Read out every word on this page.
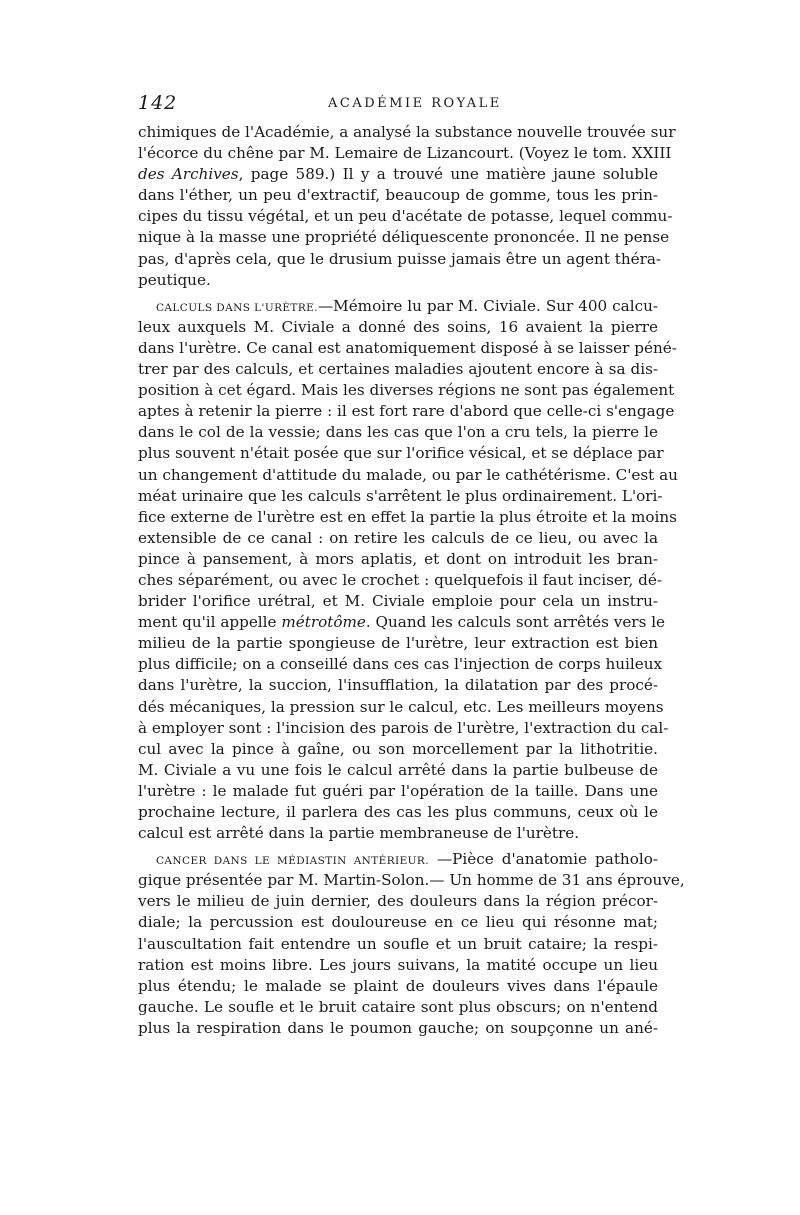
142	ACADÉMIE ROYALE
chimiques de l'Académie, a analysé la substance nouvelle trouvée sur
l'écorce du chêne par M. Lemaire de Lizancourt. (Voyez le tom. XXIII
des Archives, page 589.) Il y a trouvé une matière jaune soluble
dans l'éther, un peu d'extractif, beaucoup de gomme, tous les prin-
cipes du tissu végétal, et un peu d'acétate de potasse, lequel commu-
nique à la masse une propriété déliquescente prononcée. Il ne pense
pas, d'après cela, que le drusium puisse jamais être un agent théra-
peutique.
CALCULS DANS L'URÈTRE.—Mémoire lu par M. Civiale. Sur 400 calcu-
leux auxquels M. Civiale a donné des soins, 16 avaient la pierre
dans l'urètre. Ce canal est anatomiquement disposé à se laisser péné-
trer par des calculs, et certaines maladies ajoutent encore à sa dis-
position à cet égard. Mais les diverses régions ne sont pas également
aptes à retenir la pierre : il est fort rare d'abord que celle-ci s'engage
dans le col de la vessie; dans les cas que l'on a cru tels, la pierre le
plus souvent n'était posée que sur l'orifice vésical, et se déplace par
un changement d'attitude du malade, ou par le cathétérisme. C'est au
méat urinaire que les calculs s'arrêtent le plus ordinairement. L'ori-
fice externe de l'urètre est en effet la partie la plus étroite et la moins
extensible de ce canal : on retire les calculs de ce lieu, ou avec la
pince à pansement, à mors aplatis, et dont on introduit les bran-
ches séparément, ou avec le crochet : quelquefois il faut inciser, dé-
brider l'orifice urétral, et M. Civiale emploie pour cela un instru-
ment qu'il appelle métrotôme. Quand les calculs sont arrêtés vers le
milieu de la partie spongieuse de l'urètre, leur extraction est bien
plus difficile; on a conseillé dans ces cas l'injection de corps huileux
dans l'urètre, la succion, l'insufflation, la dilatation par des procé-
dés mécaniques, la pression sur le calcul, etc. Les meilleurs moyens
à employer sont : l'incision des parois de l'urètre, l'extraction du cal-
cul avec la pince à gaîne, ou son morcellement par la lithotritie.
M. Civiale a vu une fois le calcul arrêté dans la partie bulbeuse de
l'urètre : le malade fut guéri par l'opération de la taille. Dans une
prochaine lecture, il parlera des cas les plus communs, ceux où le
calcul est arrêté dans la partie membraneuse de l'urètre.
CANCER DANS LE MÉDIASTIN ANTÉRIEUR. —Pièce d'anatomie patholo-
gique présentée par M. Martin-Solon.— Un homme de 31 ans éprouve,
vers le milieu de juin dernier, des douleurs dans la région précor-
diale; la percussion est douloureuse en ce lieu qui résonne mat;
l'auscultation fait entendre un soufle et un bruit cataire; la respi-
ration est moins libre. Les jours suivans, la matité occupe un lieu
plus étendu; le malade se plaint de douleurs vives dans l'épaule
gauche. Le soufle et le bruit cataire sont plus obscurs; on n'entend
plus la respiration dans le poumon gauche; on soupçonne un ané-
